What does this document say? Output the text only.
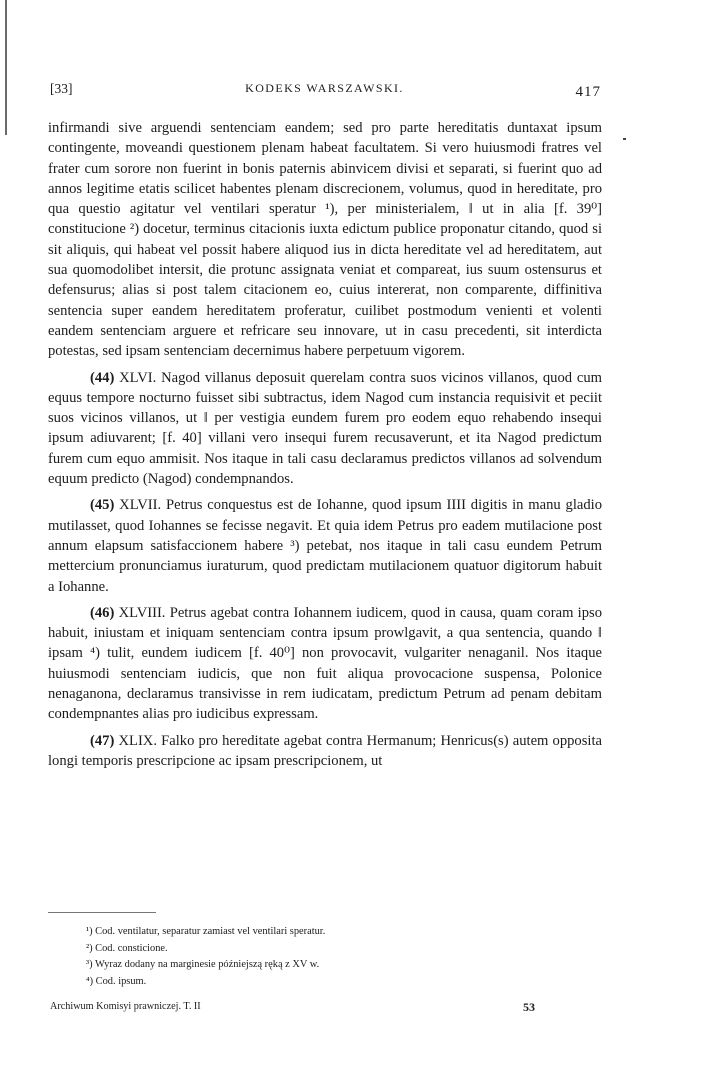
[33]	KODEKS WARSZAWSKI.	417

infirmandi sive arguendi sentenciam eandem; sed pro parte hereditatis duntaxat ipsum contingente, moveandi questionem plenam habeat facultatem. Si vero huiusmodi fratres vel frater cum sorore non fuerint in bonis paternis abinvicem divisi et separati, si fuerint quo ad annos legitime etatis scilicet habentes plenam discrecionem, volumus, quod in hereditate, pro qua questio agitatur vel ventilari speratur ¹), per ministerialem, ‖ ut in alia [f. 39⁰] constitucione ²) docetur, terminus citacionis iuxta edictum publice proponatur citando, quod si sit aliquis, qui habeat vel possit habere aliquod ius in dicta hereditate vel ad hereditatem, aut sua quomodolibet intersit, die protunc assignata veniat et compareat, ius suum ostensurus et defensurus; alias si post talem citacionem eo, cuius intererat, non comparente, diffinitiva sentencia super eandem hereditatem proferatur, cuilibet postmodum venienti et volenti eandem sentenciam arguere et refricare seu innovare, ut in casu precedenti, sit interdicta potestas, sed ipsam sentenciam decernimus habere perpetuum vigorem.

(44) XLVI. Nagod villanus deposuit querelam contra suos vicinos villanos, quod cum equus tempore nocturno fuisset sibi subtractus, idem Nagod cum instancia requisivit et peciit suos vicinos villanos, ut ‖ per vestigia eundem furem pro eodem equo rehabendo insequi ipsum adiuvarent; [f. 40] villani vero insequi furem recusaverunt, et ita Nagod predictum furem cum equo ammisit. Nos itaque in tali casu declaramus predictos villanos ad solvendum equum predicto (Nagod) condempnandos.

(45) XLVII. Petrus conquestus est de Iohanne, quod ipsum IIII digitis in manu gladio mutilasset, quod Iohannes se fecisse negavit. Et quia idem Petrus pro eadem mutilacione post annum elapsum satisfaccionem habere ³) petebat, nos itaque in tali casu eundem Petrum mettercium pronunciamus iuraturum, quod predictam mutilacionem quatuor digitorum habuit a Iohanne.

(46) XLVIII. Petrus agebat contra Iohannem iudicem, quod in causa, quam coram ipso habuit, iniustam et iniquam sentenciam contra ipsum prowlgavit, a qua sentencia, quando ‖ ipsam ⁴) tulit, eundem iudicem [f. 40⁰] non provocavit, vulgariter nenaganil. Nos itaque huiusmodi sentenciam iudicis, que non fuit aliqua provocacione suspensa, Polonice nenaganona, declaramus transivisse in rem iudicatam, predictum Petrum ad penam debitam condempnantes alias pro iudicibus expressam.

(47) XLIX. Falko pro hereditate agebat contra Hermanum; Henricus(s) autem opposita longi temporis prescripcione ac ipsam prescripcionem, ut

¹) Cod. ventilatur, separatur zamiast vel ventilari speratur.
²) Cod. consticione.
³) Wyraz dodany na marginesie późniejszą ręką z XV w.
⁴) Cod. ipsum.
Archiwum Komisyi prawniczej. T. II	53
